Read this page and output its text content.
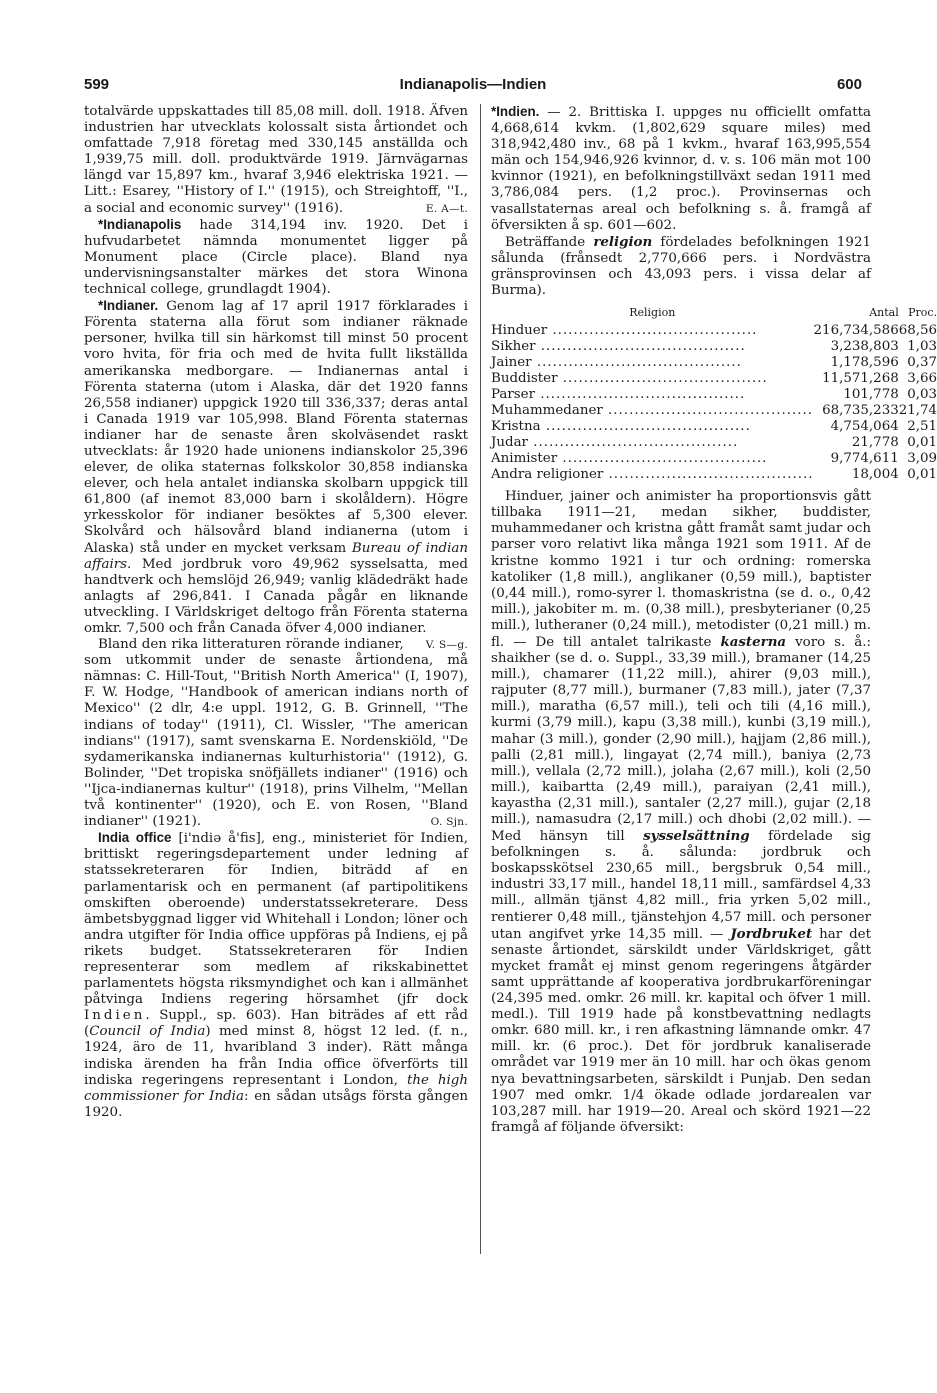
599	Indianapolis—Indien	600

totalvärde uppskattades till 85,08 mill. doll. 1918. Äfven industrien har utvecklats kolossalt sista årtiondet och omfattade 7,918 företag med 330,145 anställda och 1,939,75 mill. doll. produktvärde 1919. Järnvägarnas längd var 15,897 km., hvaraf 3,946 elektriska 1921. — Litt.: Esarey, ''History of I.'' (1915), och Streightoff, ''I., a social and economic survey'' (1916).	E. A—t.

*Indianapolis hade 314,194 inv. 1920. Det i hufvudarbetet nämnda monumentet ligger på Monument place (Circle place). Bland nya undervisningsanstalter märkes det stora Winona technical college, grundlagdt 1904).

*Indianer. Genom lag af 17 april 1917 förklarades i Förenta staterna alla förut som indianer räknade personer, hvilka till sin härkomst till minst 50 procent voro hvita, för fria och med de hvita fullt likställda amerikanska medborgare. — Indianernas antal i Förenta staterna (utom i Alaska, där det 1920 fanns 26,558 indianer) uppgick 1920 till 336,337; deras antal i Canada 1919 var 105,998. Bland Förenta staternas indianer har de senaste åren skolväsendet raskt utvecklats: år 1920 hade unionens indianskolor 25,396 elever, de olika staternas folkskolor 30,858 indianska elever, och hela antalet indianska skolbarn uppgick till 61,800 (af inemot 83,000 barn i skolåldern). Högre yrkesskolor för indianer besöktes af 5,300 elever. Skolvård och hälsovård bland indianerna (utom i Alaska) stå under en mycket verksam Bureau of indian affairs. Med jordbruk voro 49,962 sysselsatta, med handtverk och hemslöjd 26,949; vanlig klädedräkt hade anlagts af 296,841. I Canada pågår en liknande utveckling. I Världskriget deltogo från Förenta staterna omkr. 7,500 och från Canada öfver 4,000 indianer.
V. S—g.

Bland den rika litteraturen rörande indianer, som utkommit under de senaste årtiondena, må nämnas: C. Hill-Tout, ''British North America'' (I, 1907), F. W. Hodge, ''Handbook of american indians north of Mexico'' (2 dlr, 4:e uppl. 1912, G. B. Grinnell, ''The indians of today'' (1911), Cl. Wissler, ''The american indians'' (1917), samt svenskarna E. Nordenskiöld, ''De sydamerikanska indianernas kulturhistoria'' (1912), G. Bolinder, ''Det tropiska snöfjällets indianer'' (1916) och ''Ijca-indianernas kultur'' (1918), prins Vilhelm, ''Mellan två kontinenter'' (1920), och E. von Rosen, ''Bland indianer'' (1921).	O. Sjn.

India office [i'ndiə å'fis], eng., ministeriet för Indien, brittiskt regeringsdepartement under ledning af statssekreteraren för Indien, biträdd af en parlamentarisk och en permanent (af partipolitikens omskiften oberoende) understatssekreterare. Dess ämbetsbyggnad ligger vid Whitehall i London; löner och andra utgifter för India office uppföras på Indiens, ej på rikets budget. Statssekreteraren för Indien representerar som medlem af rikskabinettet parlamentets högsta riksmyndighet och kan i allmänhet påtvinga Indiens regering hörsamhet (jfr dock Indien. Suppl., sp. 603). Han biträdes af ett råd (Council of India) med minst 8, högst 12 led. (f. n., 1924, äro de 11, hvaribland 3 inder). Rätt många indiska ärenden ha från India office öfverförts till indiska regeringens representant i London, the high commissioner for India: en sådan utsågs första gången 1920.

*Indien. — 2. Brittiska I. uppges nu officiellt omfatta 4,668,614 kvkm. (1,802,629 square miles) med 318,942,480 inv., 68 på 1 kvkm., hvaraf 163,995,554 män och 154,946,926 kvinnor, d. v. s. 106 män mot 100 kvinnor (1921), en befolkningstillväxt sedan 1911 med 3,786,084 pers. (1,2 proc.). Provinsernas och vasallstaternas areal och befolkning s. å. framgå af öfversikten å sp. 601—602.

Beträffande religion fördelades befolkningen 1921 sålunda (frånsedt 2,770,666 pers. i Nordvästra gränsprovinsen och 43,093 pers. i vissa delar af Burma).

Religion	Antal	Proc.
Hinduer .....	216,734,586	68,56
Sikher .....	3,238,803	1,03
Jainer .....	1,178,596	0,37
Buddister .....	11,571,268	3,66
Parser .....	101,778	0,03
Muhammedaner .....	68,735,233	21,74
Kristna .....	4,754,064	2,51
Judar .....	21,778	0,01
Animister .....	9,774,611	3,09
Andra religioner .....	18,004	0,01

Hinduer, jainer och animister ha proportionsvis gått tillbaka 1911—21, medan sikher, buddister, muhammedaner och kristna gått framåt samt judar och parser voro relativt lika många 1921 som 1911. Af de kristne kommo 1921 i tur och ordning: romerska katoliker (1,8 mill.), anglikaner (0,59 mill.), baptister (0,44 mill.), romo-syrer l. thomaskristna (se d. o., 0,42 mill.), jakobiter m. m. (0,38 mill.), presbyterianer (0,25 mill.), lutheraner (0,24 mill.), metodister (0,21 mill.) m. fl. — De till antalet talrikaste kasterna voro s. å.: shaikher (se d. o. Suppl., 33,39 mill.), bramaner (14,25 mill.), chamarer (11,22 mill.), ahirer (9,03 mill.), rajputer (8,77 mill.), burmaner (7,83 mill.), jater (7,37 mill.), maratha (6,57 mill.), teli och tili (4,16 mill.), kurmi (3,79 mill.), kapu (3,38 mill.), kunbi (3,19 mill.), mahar (3 mill.), gonder (2,90 mill.), hajjam (2,86 mill.), palli (2,81 mill.), lingayat (2,74 mill.), baniya (2,73 mill.), vellala (2,72 mill.), jolaha (2,67 mill.), koli (2,50 mill.), kaibartta (2,49 mill.), paraiyan (2,41 mill.), kayastha (2,31 mill.), santaler (2,27 mill.), gujar (2,18 mill.), namasudra (2,17 mill.) och dhobi (2,02 mill.). — Med hänsyn till sysselsättning fördelade sig befolkningen s. å. sålunda: jordbruk och boskapsskötsel 230,65 mill., bergsbruk 0,54 mill., industri 33,17 mill., handel 18,11 mill., samfärdsel 4,33 mill., allmän tjänst 4,82 mill., fria yrken 5,02 mill., rentierer 0,48 mill., tjänstehjon 4,57 mill. och personer utan angifvet yrke 14,35 mill. — Jordbruket har det senaste årtiondet, särskildt under Världskriget, gått mycket framåt ej minst genom regeringens åtgärder samt upprättande af kooperativa jordbrukarföreningar (24,395 med. omkr. 26 mill. kr. kapital och öfver 1 mill. medl.). Till 1919 hade på konstbevattning nedlagts omkr. 680 mill. kr., i ren afkastning lämnande omkr. 47 mill. kr. (6 proc.). Det för jordbruk kanaliserade området var 1919 mer än 10 mill. har och ökas genom nya bevattningsarbeten, särskildt i Punjab. Den sedan 1907 med omkr. 1/4 ökade odlade jordarealen var 103,287 mill. har 1919—20. Areal och skörd 1921—22 framgå af följande öfversikt:
